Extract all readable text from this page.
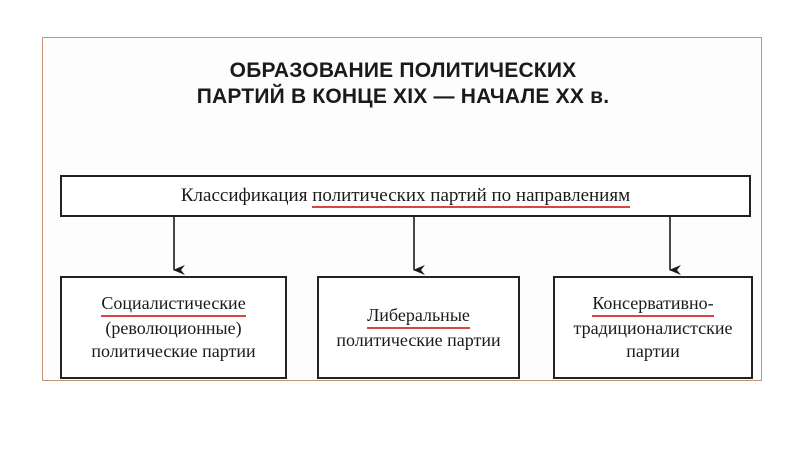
ОБРАЗОВАНИЕ ПОЛИТИЧЕСКИХ
ПАРТИЙ В КОНЦЕ XIX — НАЧАЛЕ XX в.
Классификация политических партий по направлениям
Социалистические
(революционные)
политические партии
Либеральные
политические партии
Консервативно-
традиционалистские
партии
